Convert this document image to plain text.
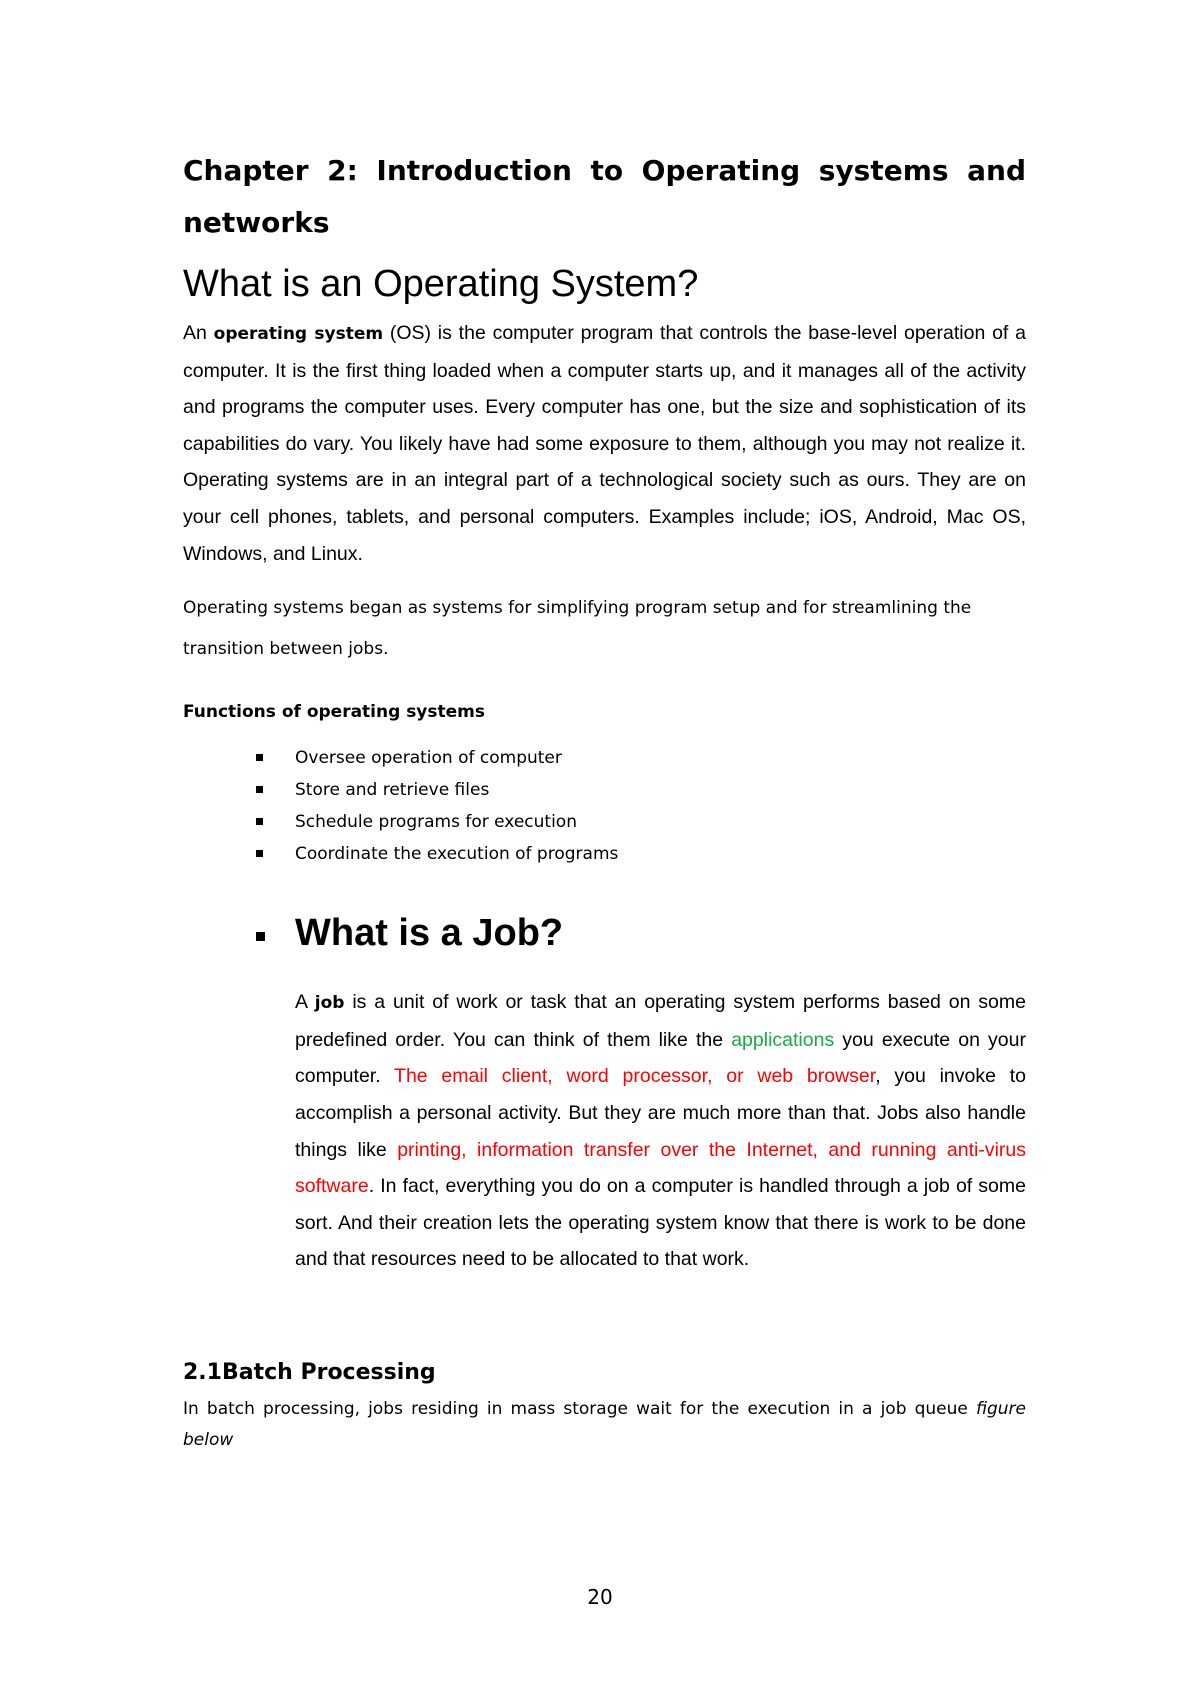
Chapter 2: Introduction to Operating systems and networks
What is an Operating System?

An operating system (OS) is the computer program that controls the base-level operation of a computer. It is the first thing loaded when a computer starts up, and it manages all of the activity and programs the computer uses. Every computer has one, but the size and sophistication of its capabilities do vary. You likely have had some exposure to them, although you may not realize it. Operating systems are in an integral part of a technological society such as ours. They are on your cell phones, tablets, and personal computers. Examples include; iOS, Android, Mac OS, Windows, and Linux.

Operating systems began as systems for simplifying program setup and for streamlining the transition between jobs.

Functions of operating systems

Oversee operation of computer
Store and retrieve files
Schedule programs for execution
Coordinate the execution of programs
What is a Job?

A job is a unit of work or task that an operating system performs based on some predefined order. You can think of them like the applications you execute on your computer. The email client, word processor, or web browser, you invoke to accomplish a personal activity. But they are much more than that. Jobs also handle things like printing, information transfer over the Internet, and running anti-virus software. In fact, everything you do on a computer is handled through a job of some sort. And their creation lets the operating system know that there is work to be done and that resources need to be allocated to that work.

2.1Batch Processing

In batch processing, jobs residing in mass storage wait for the execution in a job queue figure below

20
